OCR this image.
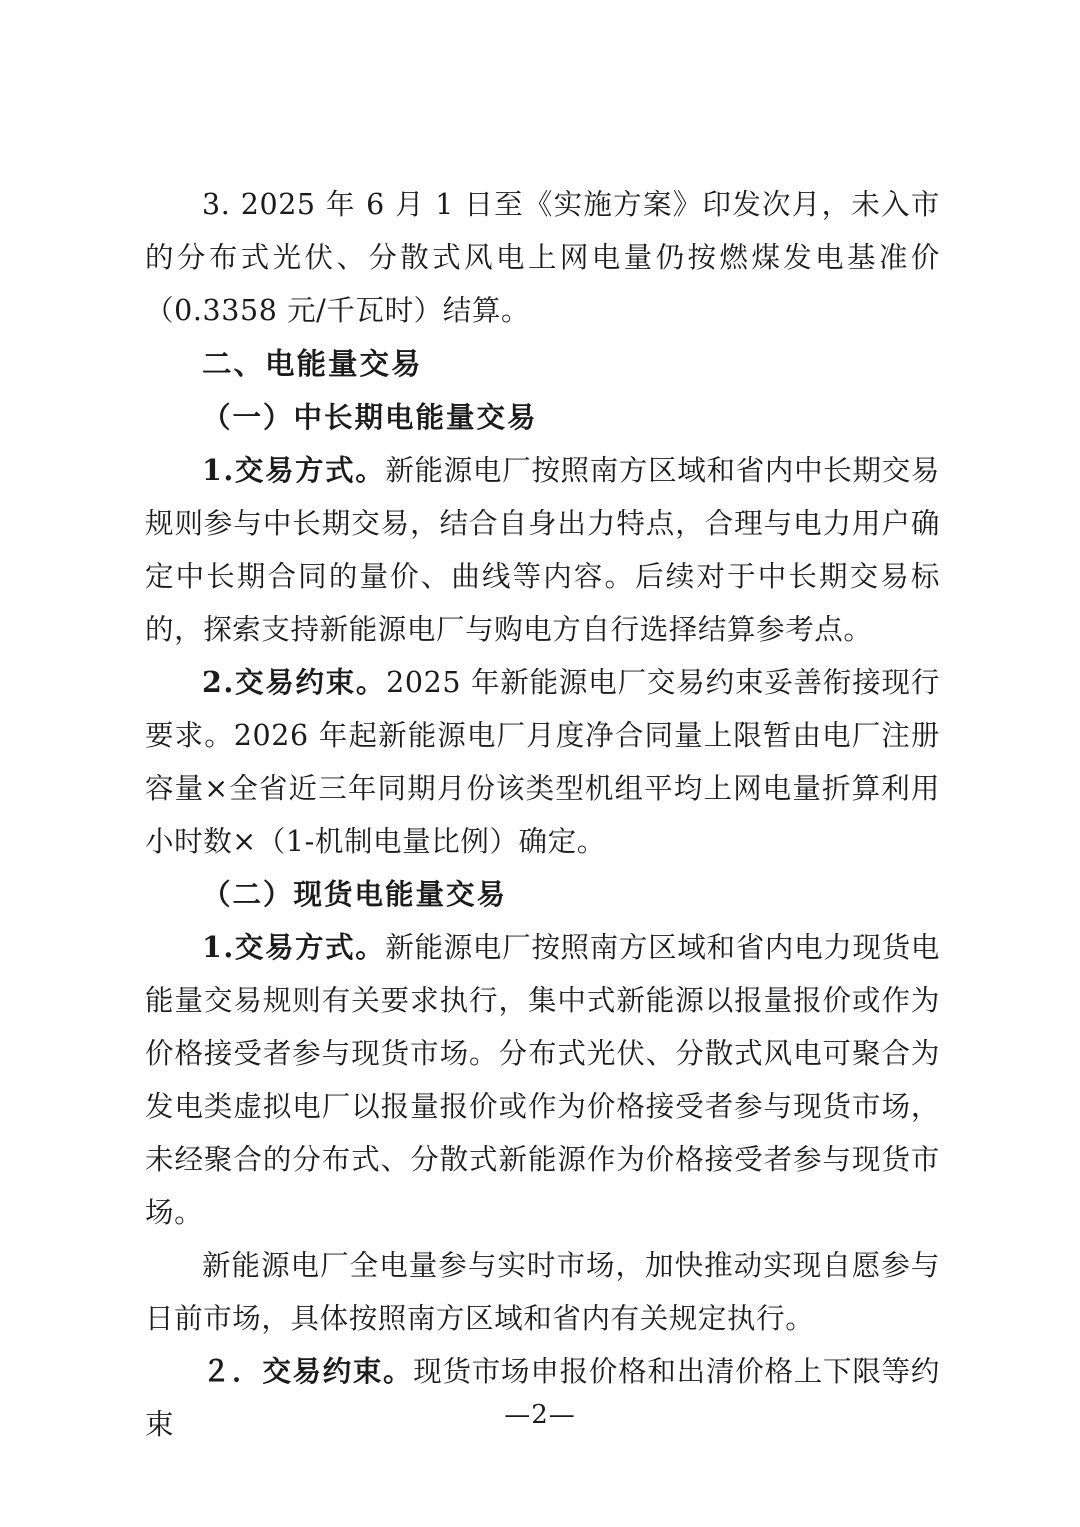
3. 2025 年 6 月 1 日至《实施方案》印发次月，未入市的分布式光伏、分散式风电上网电量仍按燃煤发电基准价（0.3358 元/千瓦时）结算。

二、电能量交易

（一）中长期电能量交易

1.交易方式。新能源电厂按照南方区域和省内中长期交易规则参与中长期交易，结合自身出力特点，合理与电力用户确定中长期合同的量价、曲线等内容。后续对于中长期交易标的，探索支持新能源电厂与购电方自行选择结算参考点。

2.交易约束。2025 年新能源电厂交易约束妥善衔接现行要求。2026 年起新能源电厂月度净合同量上限暂由电厂注册容量×全省近三年同期月份该类型机组平均上网电量折算利用小时数×（1-机制电量比例）确定。

（二）现货电能量交易

1.交易方式。新能源电厂按照南方区域和省内电力现货电能量交易规则有关要求执行，集中式新能源以报量报价或作为价格接受者参与现货市场。分布式光伏、分散式风电可聚合为发电类虚拟电厂以报量报价或作为价格接受者参与现货市场，未经聚合的分布式、分散式新能源作为价格接受者参与现货市场。

新能源电厂全电量参与实时市场，加快推动实现自愿参与日前市场，具体按照南方区域和省内有关规定执行。

２．交易约束。现货市场申报价格和出清价格上下限等约束	—2—
